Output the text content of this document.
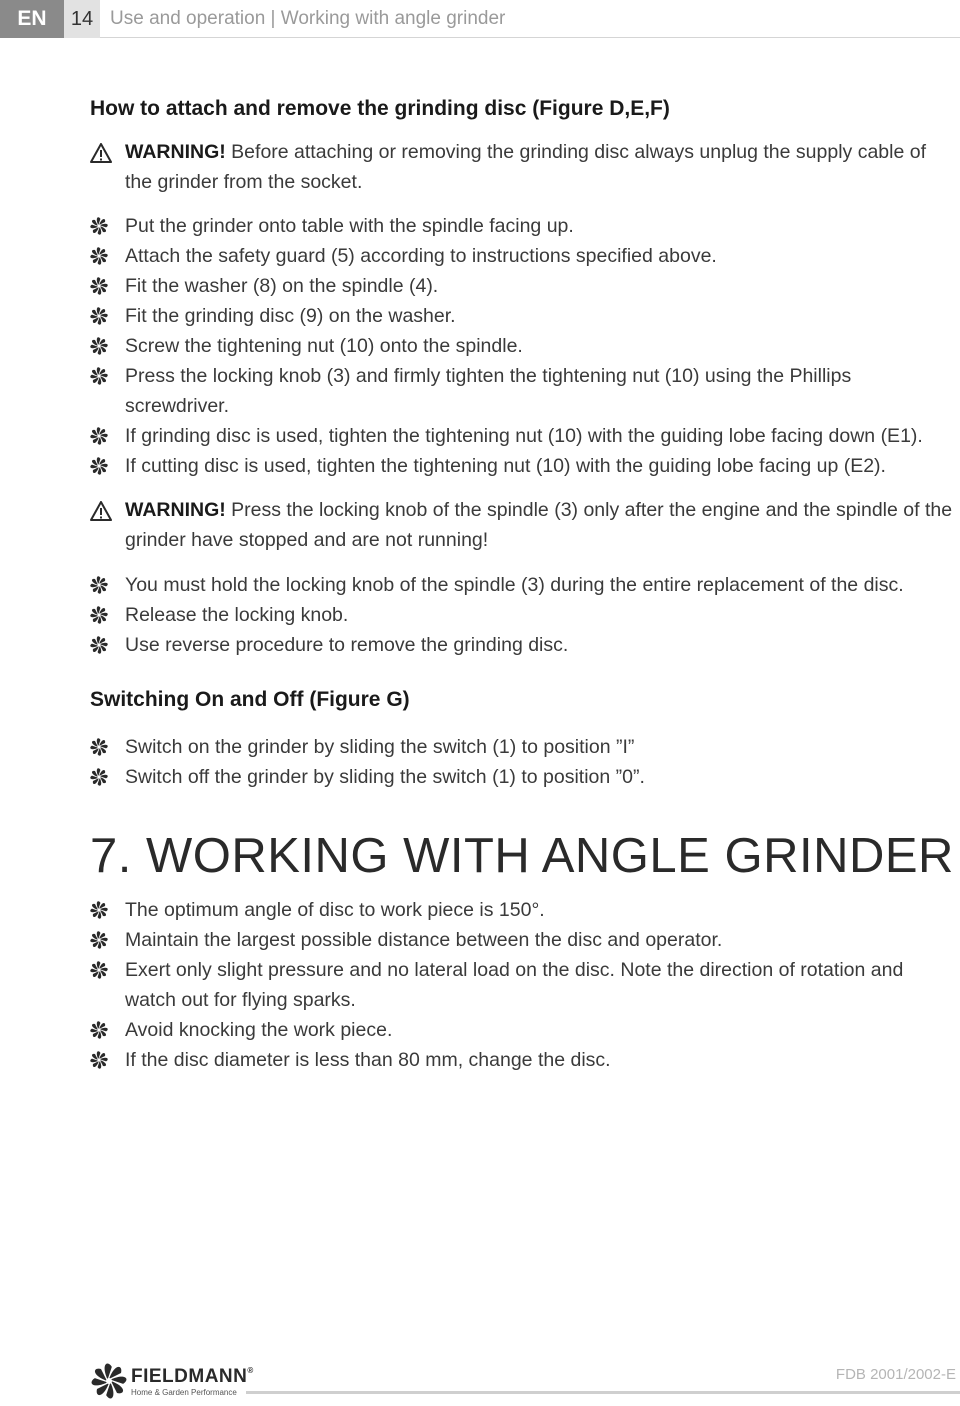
EN	14 Use and operation | Working with angle grinder
How to attach and remove the grinding disc (Figure D,E,F)
WARNING! Before attaching or removing the grinding disc always unplug the supply cable of the grinder from the socket.
Put the grinder onto table with the spindle facing up.
Attach the safety guard (5) according to instructions specified above.
Fit the washer (8) on the spindle (4).
Fit the grinding disc (9) on the washer.
Screw the tightening nut (10) onto the spindle.
Press the locking knob (3) and firmly tighten the tightening nut (10) using the Phillips screwdriver.
If grinding disc is used, tighten the tightening nut (10) with the guiding lobe facing down (E1).
If cutting disc is used, tighten the tightening nut (10) with the guiding lobe facing up (E2).
WARNING! Press the locking knob of the spindle (3) only after the engine and the spindle of the grinder have stopped and are not running!
You must hold the locking knob of the spindle (3) during the entire replacement of the disc.
Release the locking knob.
Use reverse procedure to remove the grinding disc.
Switching On and Off (Figure G)
Switch on the grinder by sliding the switch (1) to position ”I”
Switch off the grinder by sliding the switch (1) to position ”0”.
7. WORKING WITH ANGLE GRINDER
The optimum angle of disc to work piece is 150°.
Maintain the largest possible distance between the disc and operator.
Exert only slight pressure and no lateral load on the disc. Note the direction of rotation and watch out for flying sparks.
Avoid knocking the work piece.
If the disc diameter is less than 80 mm, change the disc.
FIELDMANN®
Home & Garden Performance
FDB 2001/2002-E
